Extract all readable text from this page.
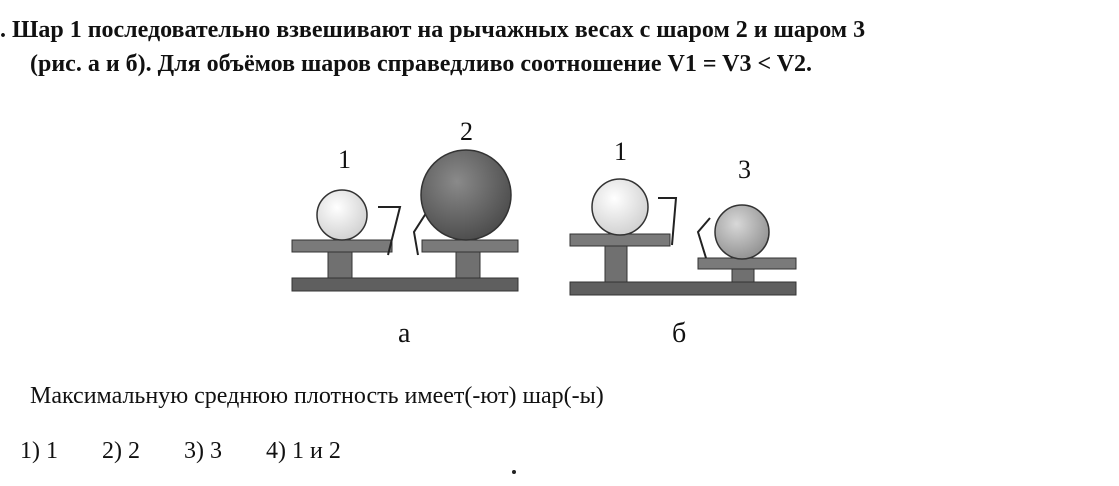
. Шар 1 последовательно взвешивают на рычажных весах с шаром 2 и шаром 3
(рис. а и б). Для объёмов шаров справедливо соотношение V1 = V3 < V2.
1
2
а
1
3
б
Максимальную среднюю плотность имеет(-ют) шар(-ы)
1) 1 2) 2 3) 3 4) 1 и 2
